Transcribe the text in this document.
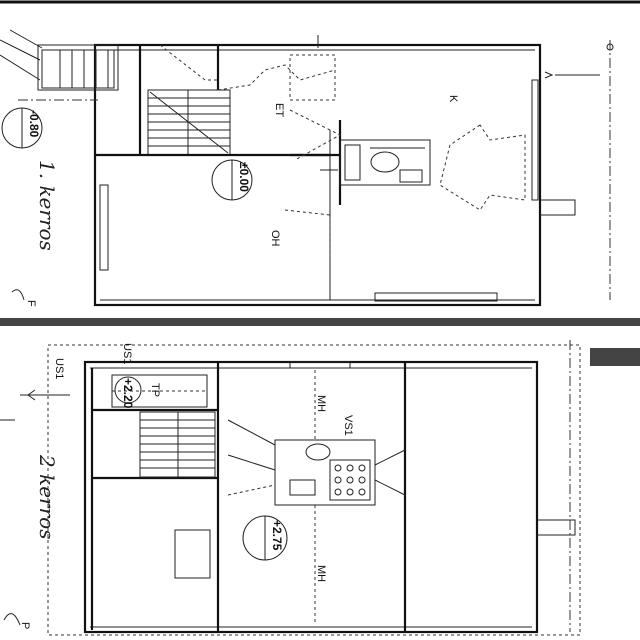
K
ET
OH
-0.80
±0.00
1. kerros
F
+2.20
US1
US1
TP
MH
MH
VS1
+2.75
2 kerros
P
